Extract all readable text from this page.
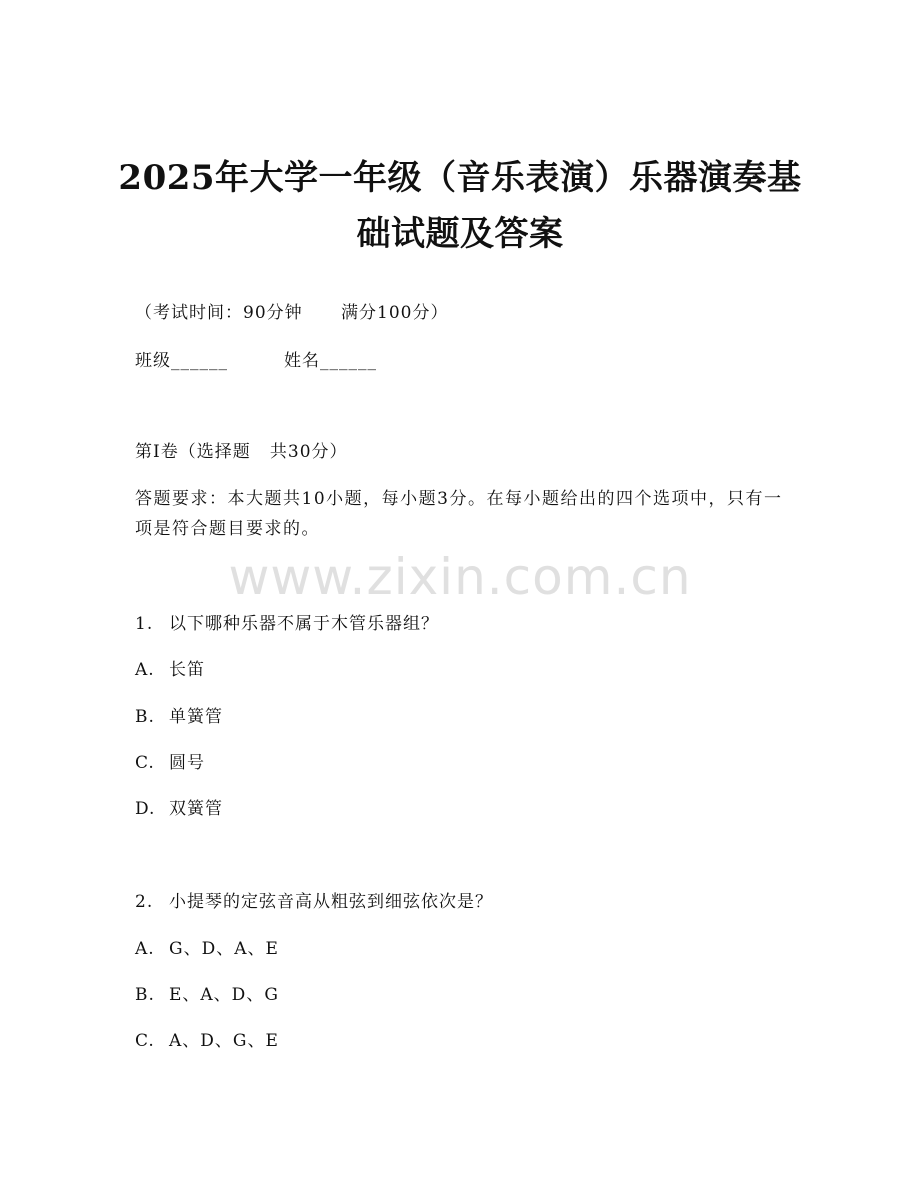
2025年大学一年级（音乐表演）乐器演奏基
础试题及答案
（考试时间：90分钟      满分100分）
班级______	姓名______
第I卷（选择题   共30分）
答题要求：本大题共10小题，每小题3分。在每小题给出的四个选项中，只有一项是符合题目要求的。
www.zixin.com.cn
1. 以下哪种乐器不属于木管乐器组？
A. 长笛
B. 单簧管
C. 圆号
D. 双簧管
2. 小提琴的定弦音高从粗弦到细弦依次是？
A. G、D、A、E
B. E、A、D、G
C. A、D、G、E
